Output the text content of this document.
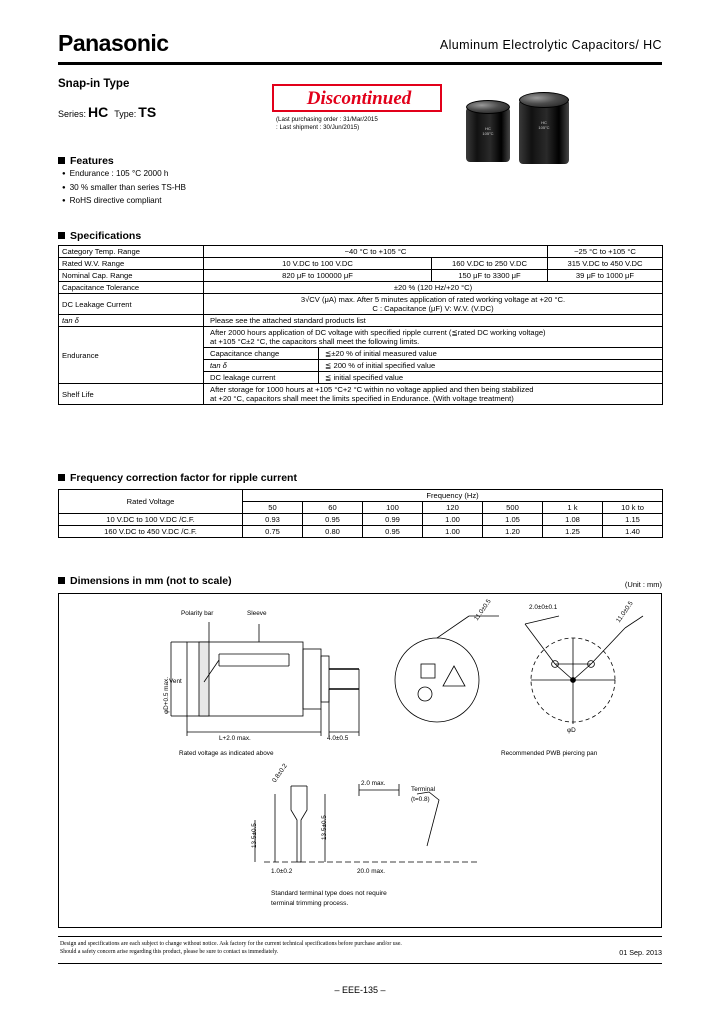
Panasonic	Aluminum Electrolytic Capacitors/ HC
Snap-in Type
Series: HC Type: TS
Discontinued
(Last purchasing order : 31/Mar/2015
: Last shipment : 30/Jun/2015)	HC
105°C
HC
105°C
Features
● Endurance : 105 °C 2000 h
● 30 % smaller than series TS-HB
● RoHS directive compliant
Specifications
Category Temp. Range	−40 °C to +105 °C			−25 °C to +105 °C
Rated W.V. Range	10 V.DC to 100 V.DC		160 V.DC to 250 V.DC	315 V.DC to 450 V.DC
Nominal Cap. Range	820 μF to 100000 μF		150 μF to 3300 μF	39 μF to 1000 μF
Capacitance Tolerance	±20 % (120 Hz/+20 °C)			
DC Leakage Current	3√CV (μA) max. After 5 minutes application of rated working voltage at +20 °C.
C : Capacitance (μF) V: W.V. (V.DC)			

tan δ	Please see the attached standard products list			
Endurance	After 2000 hours application of DC voltage with specified ripple current (≦rated DC working voltage)
at +105 °C±2 °C, the capacitors shall meet the following limits.			

	Capacitance change	≦±20 % of initial measured value		
	tan δ	≦ 200 % of initial specified value		
	DC leakage current	≦ initial specified value		
Shelf Life	After storage for 1000 hours at +105 °C+2 °C within no voltage applied and then being stabilized
at +20 °C, capacitors shall meet the limits specified in Endurance. (With voltage treatment)			
Frequency correction factor for ripple current
Rated Voltage	Frequency (Hz)						
	50	60	100	120	500	1 k	10 k to
10 V.DC to 100 V.DC /C.F.	0.93	0.95	0.99	1.00	1.05	1.08	1.15
160 V.DC to 450 V.DC /C.F.	0.75	0.80	0.95	1.00	1.20	1.25	1.40
Dimensions in mm (not to scale)	(Unit : mm)
Polarity bar	Sleeve
Vent
φD+0.5 max.
L+2.0 max.	4.0±0.5
Rated voltage as indicated above
11.0±0.5	2.0±0±0.1	11.0±0.5
φD
Recommended PWB piercing pan
0.8±0.2	2.0 max.
Terminal
(t=0.8)
13.5±0.5
13.5±0.5
1.0±0.2	20.0 max.
Standard terminal type does not require
terminal trimming process.
Design and specifications are each subject to change without notice. Ask factory for the current technical specifications before purchase and/or use.
Should a safety concern arise regarding this product, please be sure to contact us immediately.	01 Sep. 2013
– EEE-135 –
